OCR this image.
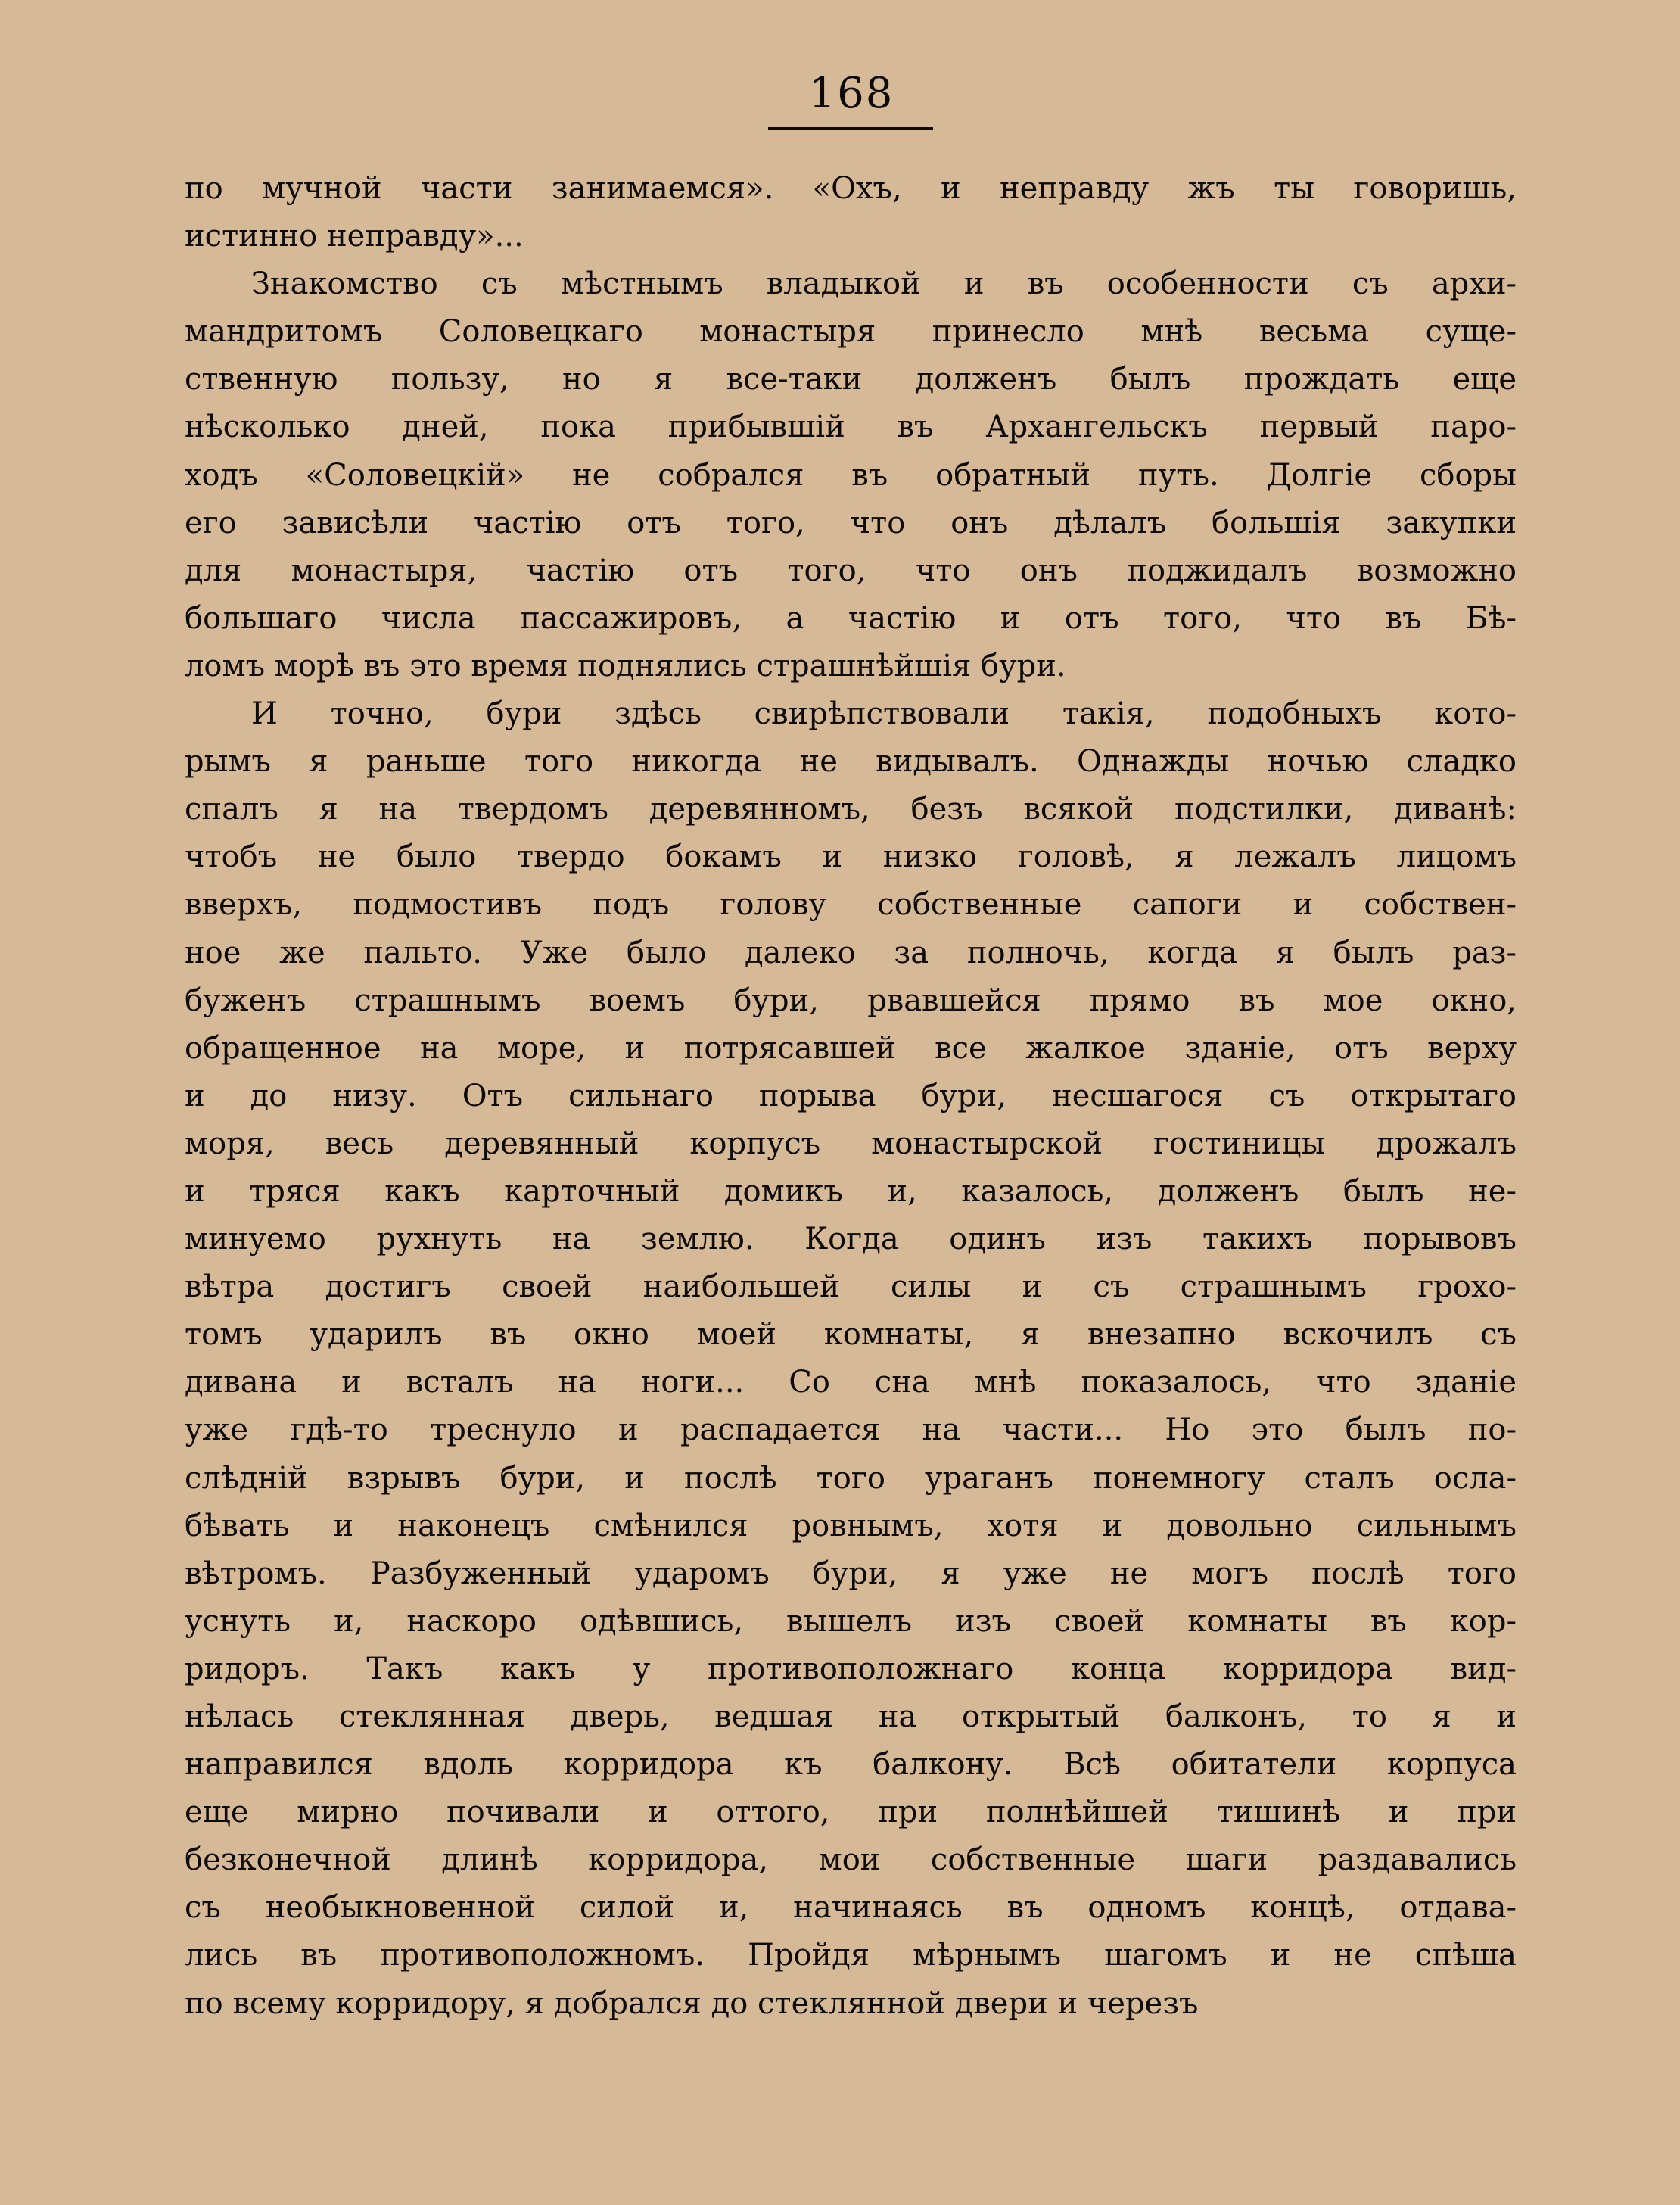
168
по мучной части занимаемся». «Охъ, и неправду жъ ты говоришь,
истинно неправду»...
Знакомство съ мѣстнымъ владыкой и въ особенности съ архи-
мандритомъ Соловецкаго монастыря принесло мнѣ весьма суще-
ственную пользу, но я все-таки долженъ былъ прождать еще
нѣсколько дней, пока прибывшій въ Архангельскъ первый паро-
ходъ «Соловецкій» не собрался въ обратный путь. Долгіе сборы
его зависѣли частію отъ того, что онъ дѣлалъ большія закупки
для монастыря, частію отъ того, что онъ поджидалъ возможно
большаго числа пассажировъ, а частію и отъ того, что въ Бѣ-
ломъ морѣ въ это время поднялись страшнѣйшія бури.
И точно, бури здѣсь свирѣпствовали такія, подобныхъ кото-
рымъ я раньше того никогда не видывалъ. Однажды ночью сладко
спалъ я на твердомъ деревянномъ, безъ всякой подстилки, диванѣ:
чтобъ не было твердо бокамъ и низко головѣ, я лежалъ лицомъ
вверхъ, подмостивъ подъ голову собственные сапоги и собствен-
ное же пальто. Уже было далеко за полночь, когда я былъ раз-
буженъ страшнымъ воемъ бури, рвавшейся прямо въ мое окно,
обращенное на море, и потрясавшей все жалкое зданіе, отъ верху
и до низу. Отъ сильнаго порыва бури, несшагося съ открытаго
моря, весь деревянный корпусъ монастырской гостиницы дрожалъ
и тряся какъ карточный домикъ и, казалось, долженъ былъ не-
минуемо рухнуть на землю. Когда одинъ изъ такихъ порывовъ
вѣтра достигъ своей наибольшей силы и съ страшнымъ грохо-
томъ ударилъ въ окно моей комнаты, я внезапно вскочилъ съ
дивана и всталъ на ноги... Со сна мнѣ показалось, что зданіе
уже гдѣ-то треснуло и распадается на части... Но это былъ по-
слѣдній взрывъ бури, и послѣ того ураганъ понемногу сталъ осла-
бѣвать и наконецъ смѣнился ровнымъ, хотя и довольно сильнымъ
вѣтромъ. Разбуженный ударомъ бури, я уже не могъ послѣ того
уснуть и, наскоро одѣвшись, вышелъ изъ своей комнаты въ кор-
ридоръ. Такъ какъ у противоположнаго конца корридора вид-
нѣлась стеклянная дверь, ведшая на открытый балконъ, то я и
направился вдоль корридора къ балкону. Всѣ обитатели корпуса
еще мирно почивали и оттого, при полнѣйшей тишинѣ и при
безконечной длинѣ корридора, мои собственные шаги раздавались
съ необыкновенной силой и, начинаясь въ одномъ концѣ, отдава-
лись въ противоположномъ. Пройдя мѣрнымъ шагомъ и не спѣша
по всему корридору, я добрался до стеклянной двери и черезъ
